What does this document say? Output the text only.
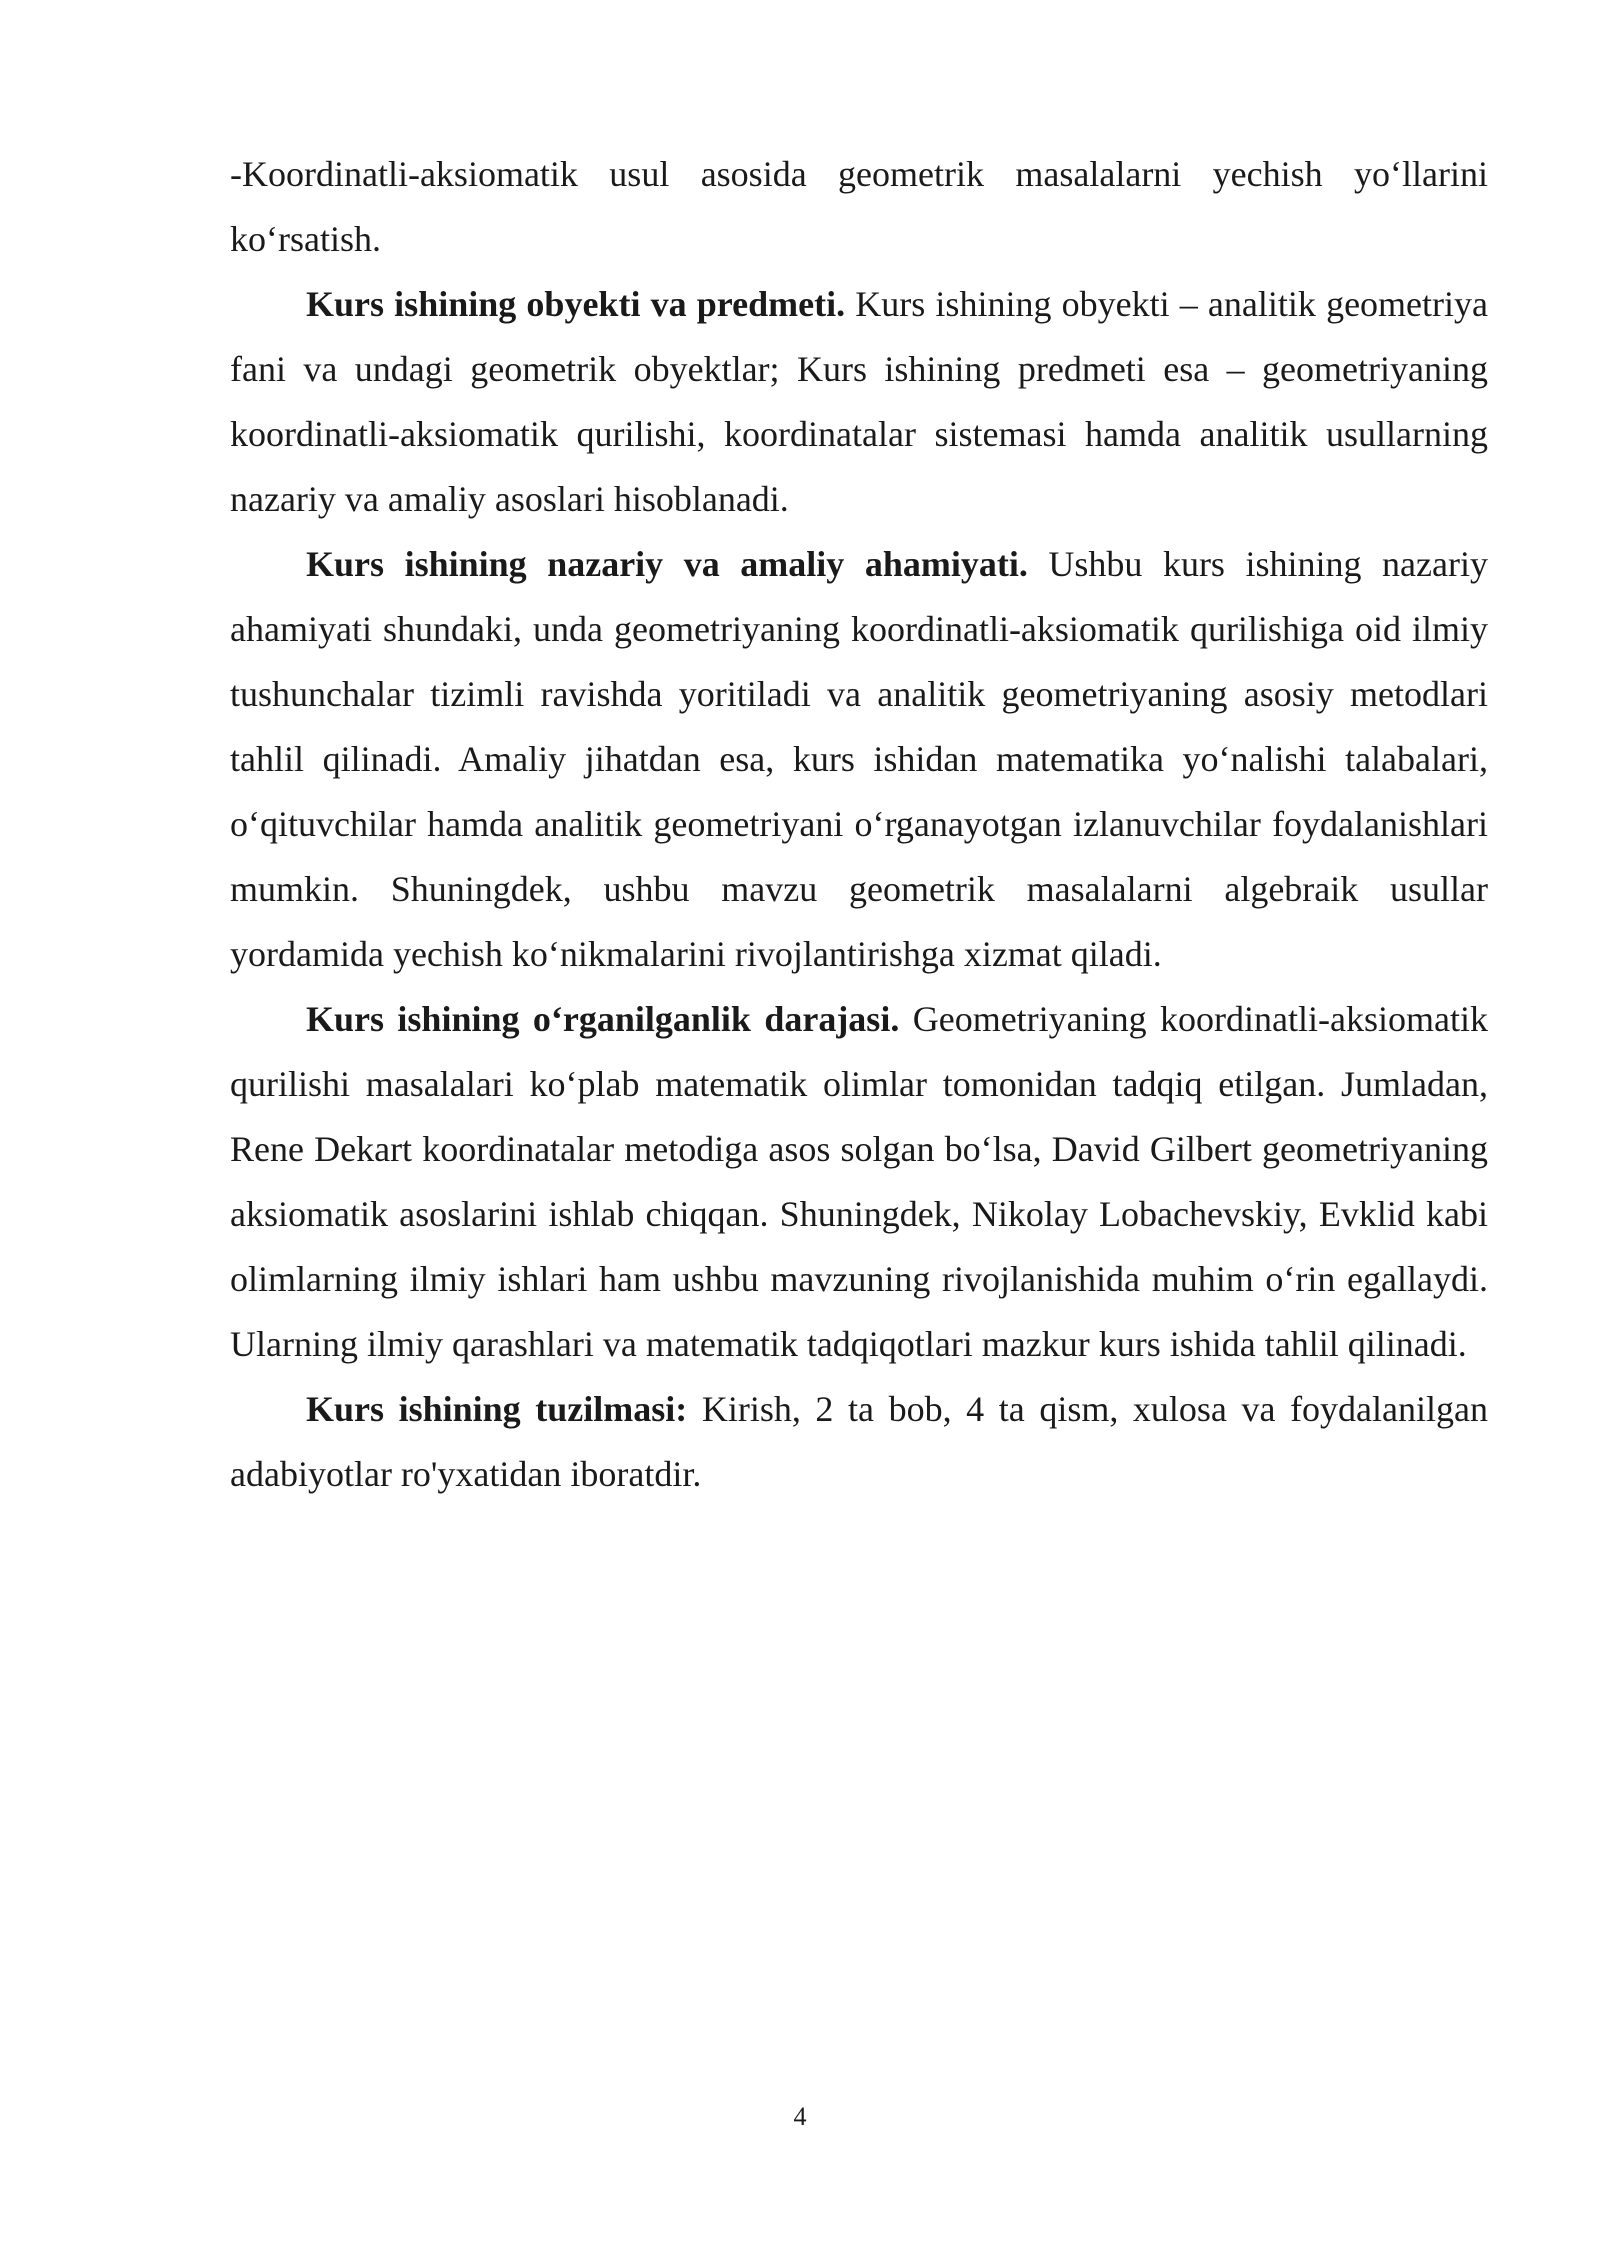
-Koordinatli-aksiomatik usul asosida geometrik masalalarni yechish yo‘llarini ko‘rsatish.

Kurs ishining obyekti va predmeti. Kurs ishining obyekti – analitik geometriya fani va undagi geometrik obyektlar; Kurs ishining predmeti esa – geometriyaning koordinatli-aksiomatik qurilishi, koordinatalar sistemasi hamda analitik usullarning nazariy va amaliy asoslari hisoblanadi.

Kurs ishining nazariy va amaliy ahamiyati. Ushbu kurs ishining nazariy ahamiyati shundaki, unda geometriyaning koordinatli-aksiomatik qurilishiga oid ilmiy tushunchalar tizimli ravishda yoritiladi va analitik geometriyaning asosiy metodlari tahlil qilinadi. Amaliy jihatdan esa, kurs ishidan matematika yo‘nalishi talabalari, o‘qituvchilar hamda analitik geometriyani o‘rganayotgan izlanuvchilar foydalanishlari mumkin. Shuningdek, ushbu mavzu geometrik masalalarni algebraik usullar yordamida yechish ko‘nikmalarini rivojlantirishga xizmat qiladi.

Kurs ishining o‘rganilganlik darajasi. Geometriyaning koordinatli-aksiomatik qurilishi masalalari ko‘plab matematik olimlar tomonidan tadqiq etilgan. Jumladan, Rene Dekart koordinatalar metodiga asos solgan bo‘lsa, David Gilbert geometriyaning aksiomatik asoslarini ishlab chiqqan. Shuningdek, Nikolay Lobachevskiy, Evklid kabi olimlarning ilmiy ishlari ham ushbu mavzuning rivojlanishida muhim o‘rin egallaydi. Ularning ilmiy qarashlari va matematik tadqiqotlari mazkur kurs ishida tahlil qilinadi.

Kurs ishining tuzilmasi: Kirish, 2 ta bob, 4 ta qism, xulosa va foydalanilgan adabiyotlar ro'yxatidan iboratdir.

4
